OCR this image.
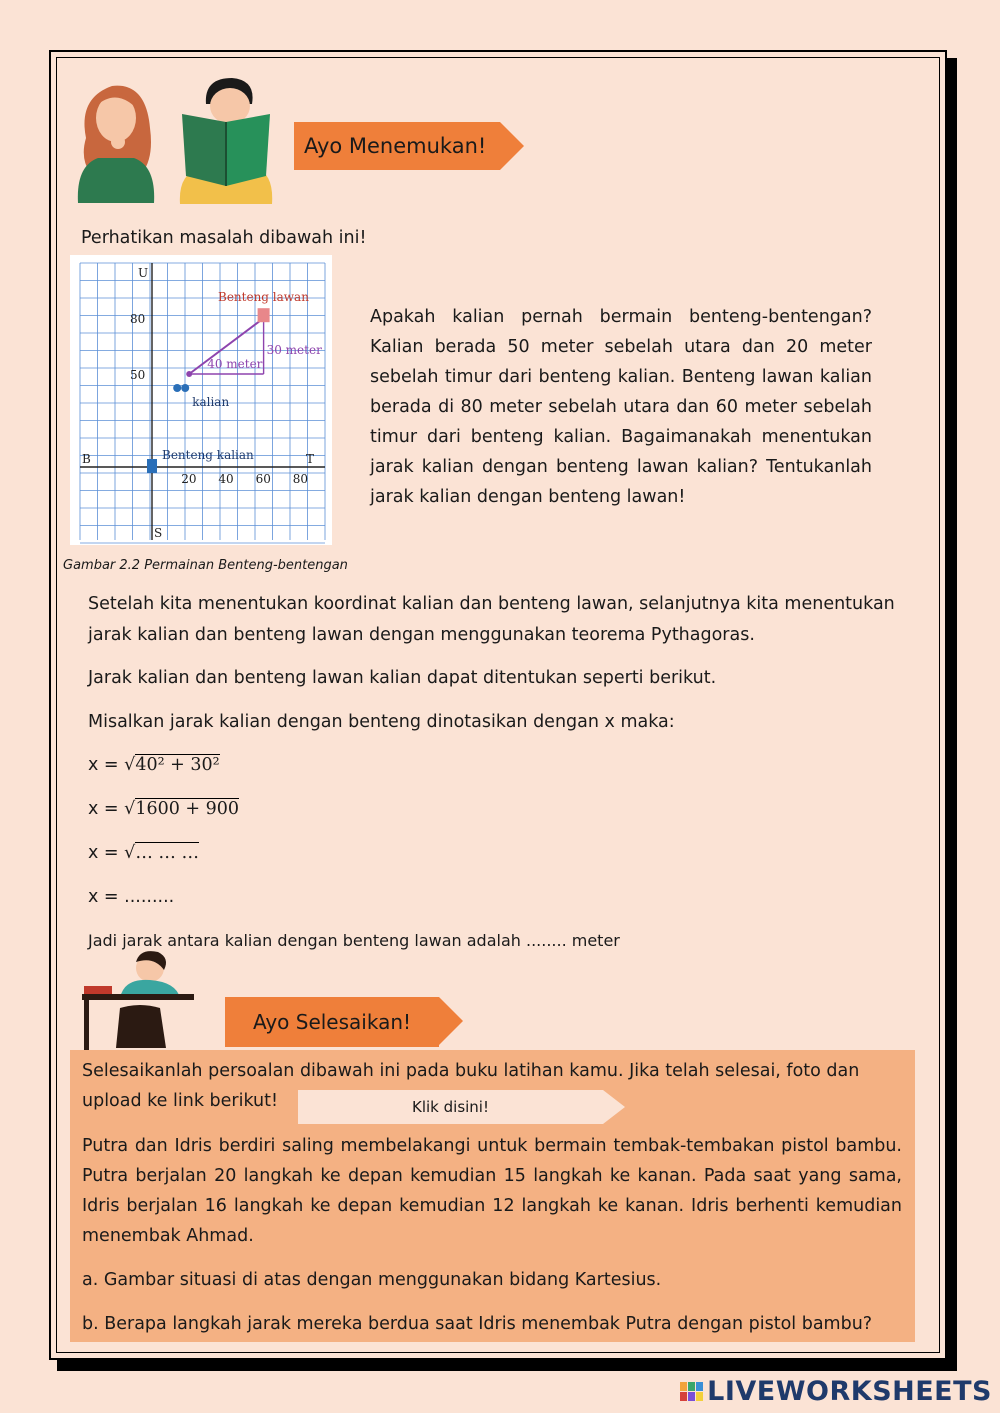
Ayo Menemukan!
Perhatikan masalah dibawah ini!
U
S
B	T
80
50
20 40 60 80
Benteng lawan
30 meter
40 meter
kalian
Benteng kalian
Gambar 2.2 Permainan Benteng-bentengan
Apakah kalian pernah bermain benteng-bentengan? Kalian berada 50 meter sebelah utara dan 20 meter sebelah timur dari benteng kalian. Benteng lawan kalian berada di 80 meter sebelah utara dan 60 meter sebelah timur dari benteng kalian. Bagaimanakah menentukan jarak kalian dengan benteng lawan kalian? Tentukanlah jarak kalian dengan benteng lawan!
Setelah kita menentukan koordinat kalian dan benteng lawan, selanjutnya kita menentukan jarak kalian dan benteng lawan dengan menggunakan teorema Pythagoras.
Jarak kalian dan benteng lawan kalian dapat ditentukan seperti berikut.
Misalkan jarak kalian dengan benteng dinotasikan dengan x maka:
x = √40² + 30²
x = √1600 + 900
x = √… … …
x = .........
Jadi jarak antara kalian dengan benteng lawan adalah ........ meter
Ayo Selesaikan!
Selesaikanlah persoalan dibawah ini pada buku latihan kamu. Jika telah selesai, foto dan upload ke link berikut!	Klik disini!
Putra dan Idris berdiri saling membelakangi untuk bermain tembak-tembakan pistol bambu. Putra berjalan 20 langkah ke depan kemudian 15 langkah ke kanan. Pada saat yang sama, Idris berjalan 16 langkah ke depan kemudian 12 langkah ke kanan. Idris berhenti kemudian menembak Ahmad.
a. Gambar situasi di atas dengan menggunakan bidang Kartesius.
b. Berapa langkah jarak mereka berdua saat Idris menembak Putra dengan pistol bambu?
LIVEWORKSHEETS
